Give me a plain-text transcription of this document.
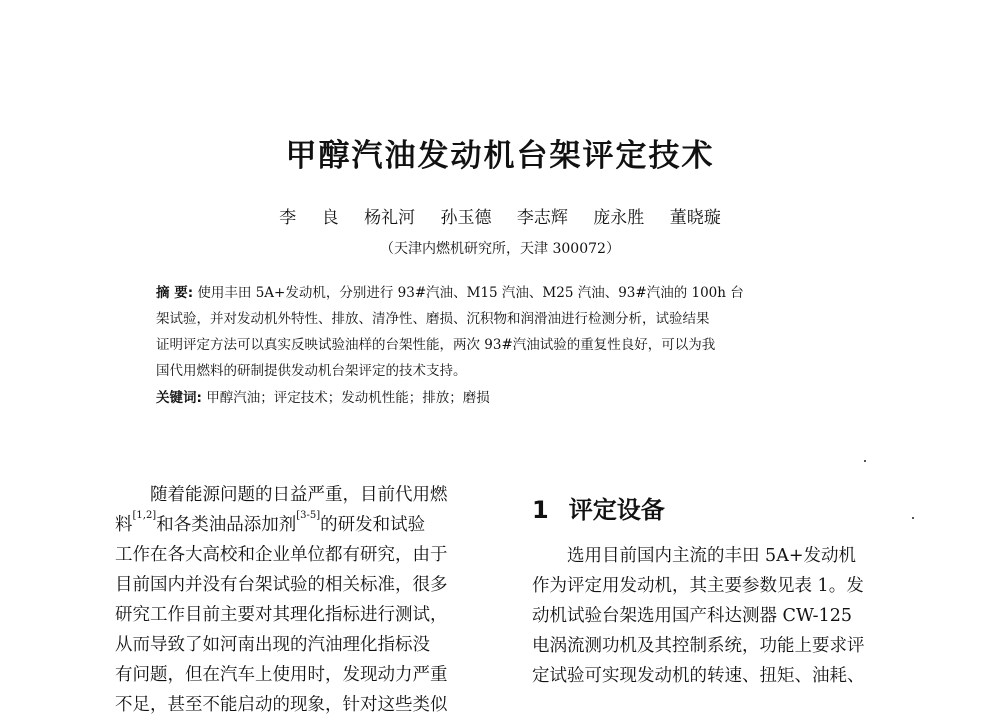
甲醇汽油发动机台架评定技术
李 良 杨礼河 孙玉德 李志辉 庞永胜 董晓璇
（天津内燃机研究所，天津 300072）
摘 要: 使用丰田 5A+发动机，分别进行 93#汽油、M15 汽油、M25 汽油、93#汽油的 100h 台
架试验，并对发动机外特性、排放、清净性、磨损、沉积物和润滑油进行检测分析，试验结果
证明评定方法可以真实反映试验油样的台架性能，两次 93#汽油试验的重复性良好，可以为我
国代用燃料的研制提供发动机台架评定的技术支持。
关键词: 甲醇汽油；评定技术；发动机性能；排放；磨损
随着能源问题的日益严重，目前代用燃
料[1,2]和各类油品添加剂[3-5]的研发和试验
工作在各大高校和企业单位都有研究，由于
目前国内并没有台架试验的相关标准，很多
研究工作目前主要对其理化指标进行测试，
从而导致了如河南出现的汽油理化指标没
有问题，但在汽车上使用时，发现动力严重
不足，甚至不能启动的现象，针对这些类似
1 评定设备
选用目前国内主流的丰田 5A+发动机
作为评定用发动机，其主要参数见表 1。发
动机试验台架选用国产科达测器 CW-125
电涡流测功机及其控制系统，功能上要求评
定试验可实现发动机的转速、扭矩、油耗、
